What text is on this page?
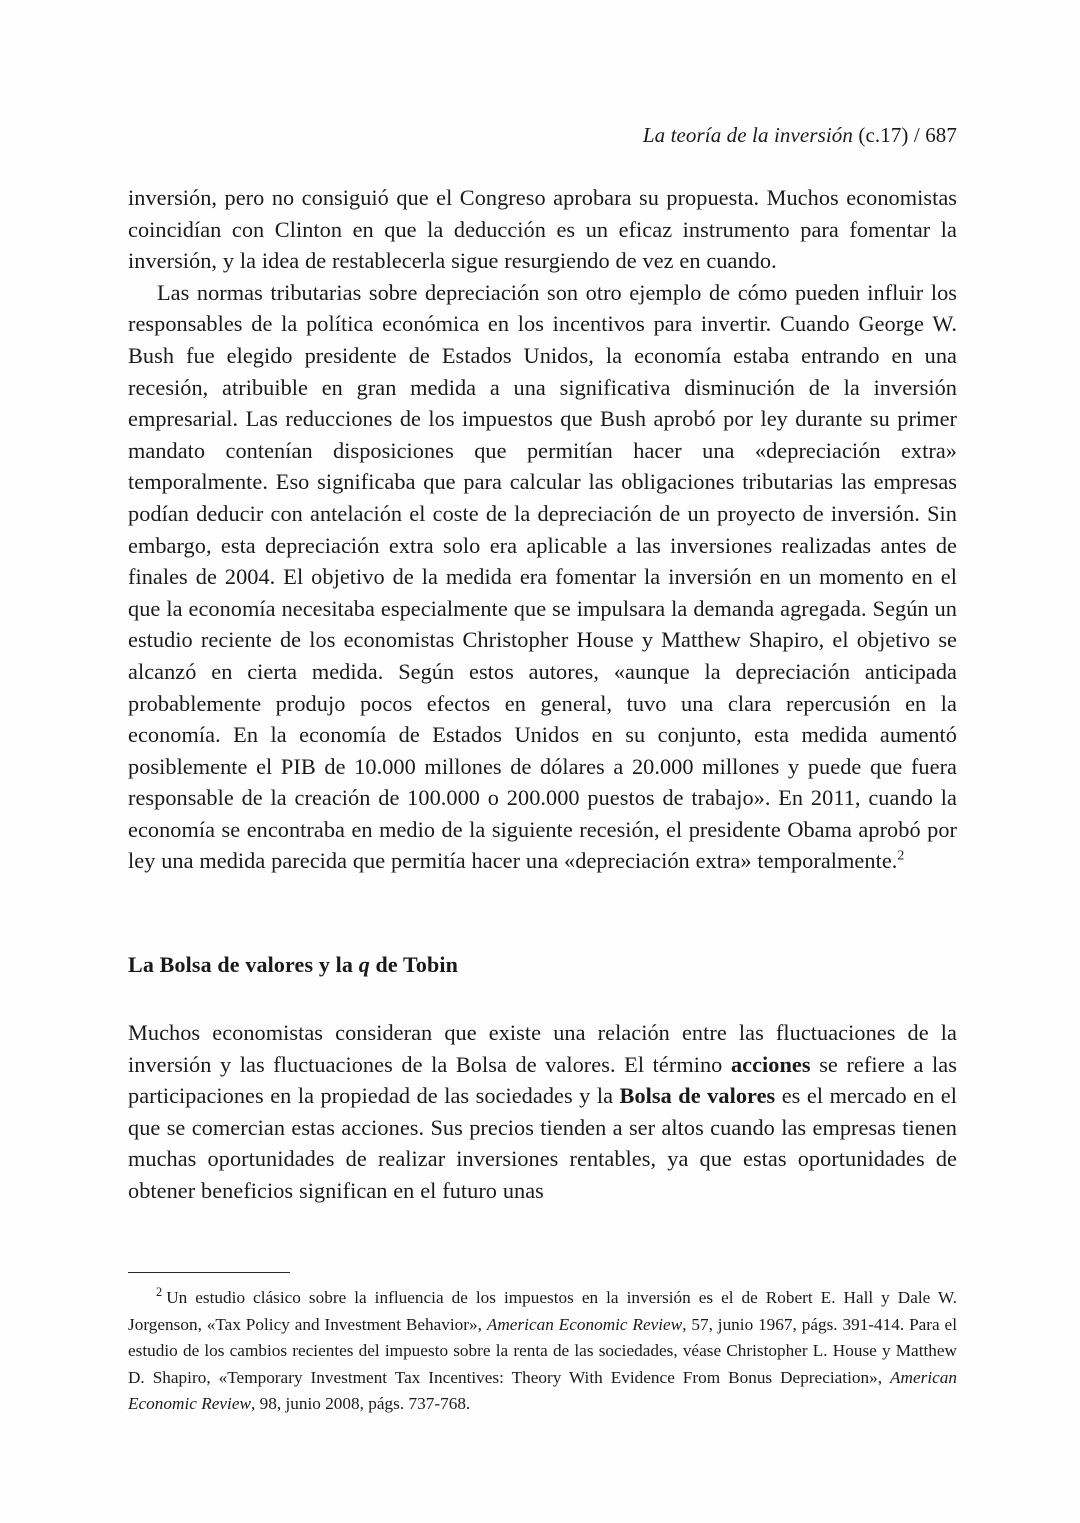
La teoría de la inversión (c.17) / 687

inversión, pero no consiguió que el Congreso aprobara su propuesta. Muchos economistas coincidían con Clinton en que la deducción es un eficaz instrumento para fomentar la inversión, y la idea de restablecerla sigue resurgiendo de vez en cuando.

Las normas tributarias sobre depreciación son otro ejemplo de cómo pueden influir los responsables de la política económica en los incentivos para invertir. Cuando George W. Bush fue elegido presidente de Estados Unidos, la economía estaba entrando en una recesión, atribuible en gran medida a una significativa disminución de la inversión empresarial. Las reducciones de los impuestos que Bush aprobó por ley durante su primer mandato contenían disposiciones que permitían hacer una «depreciación extra» temporalmente. Eso significaba que para calcular las obligaciones tributarias las empresas podían deducir con antelación el coste de la depreciación de un proyecto de inversión. Sin embargo, esta depreciación extra solo era aplicable a las inversiones realizadas antes de finales de 2004. El objetivo de la medida era fomentar la inversión en un momento en el que la economía necesitaba especialmente que se impulsara la demanda agregada. Según un estudio reciente de los economistas Christopher House y Matthew Shapiro, el objetivo se alcanzó en cierta medida. Según estos autores, «aunque la depreciación anticipada probablemente produjo pocos efectos en general, tuvo una clara repercusión en la economía. En la economía de Estados Unidos en su conjunto, esta medida aumentó posiblemente el PIB de 10.000 millones de dólares a 20.000 millones y puede que fuera responsable de la creación de 100.000 o 200.000 puestos de trabajo». En 2011, cuando la economía se encontraba en medio de la siguiente recesión, el presidente Obama aprobó por ley una medida parecida que permitía hacer una «depreciación extra» temporalmente.$^2$

La Bolsa de valores y la q de Tobin

Muchos economistas consideran que existe una relación entre las fluctuaciones de la inversión y las fluctuaciones de la Bolsa de valores. El término acciones se refiere a las participaciones en la propiedad de las sociedades y la Bolsa de valores es el mercado en el que se comercian estas acciones. Sus precios tienden a ser altos cuando las empresas tienen muchas oportunidades de realizar inversiones rentables, ya que estas oportunidades de obtener beneficios significan en el futuro unas

$^2$ Un estudio clásico sobre la influencia de los impuestos en la inversión es el de Robert E. Hall y Dale W. Jorgenson, «Tax Policy and Investment Behavior», American Economic Review, 57, junio 1967, págs. 391-414. Para el estudio de los cambios recientes del impuesto sobre la renta de las sociedades, véase Christopher L. House y Matthew D. Shapiro, «Temporary Investment Tax Incentives: Theory With Evidence From Bonus Depreciation», American Economic Review, 98, junio 2008, págs. 737-768.
